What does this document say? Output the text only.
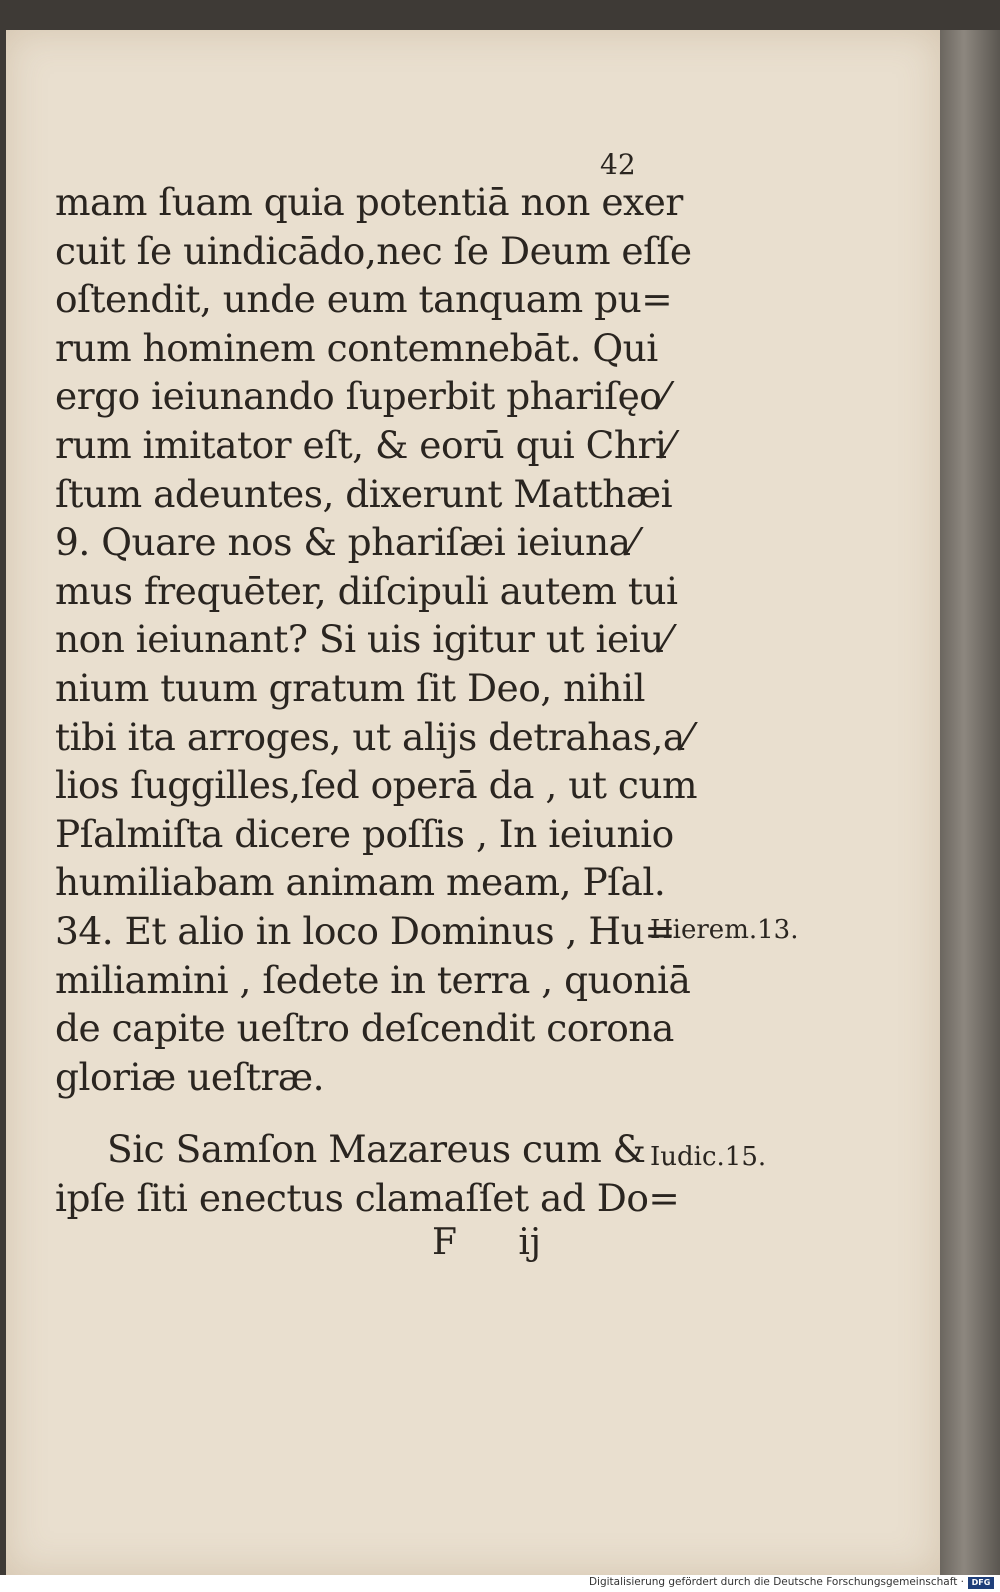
42
mam ſuam quia potentiā non exer
cuit ſe uindicādo,nec ſe Deum eſſe
oſtendit, unde eum tanquam pu=
rum hominem contemnebāt. Qui
ergo ieiunando ſuperbit phariſęo⁄
rum imitator eſt, & eorū qui Chri⁄
ſtum adeuntes, dixerunt Matthæi
9. Quare nos & phariſæi ieiuna⁄
mus frequēter, diſcipuli autem tui
non ieiunant? Si uis igitur ut ieiu⁄
nium tuum gratum ſit Deo, nihil
tibi ita arroges, ut alijs detrahas,a⁄
lios ſuggilles,ſed operā da , ut cum
Pſalmiſta dicere poſſis , In ieiunio
humiliabam animam meam, Pſal.
34. Et alio in loco Dominus , Hu=
miliamini , ſedete in terra , quoniā
de capite ueſtro deſcendit corona
gloriæ ueſtræ.
Hierem.13.
Sic Samſon Mazareus cum &
ipſe ſiti enectus clamaſſet ad Do=
Iudic.15.
F ij
Digitalisierung gefördert durch die Deutsche Forschungsgemeinschaft · DFG
